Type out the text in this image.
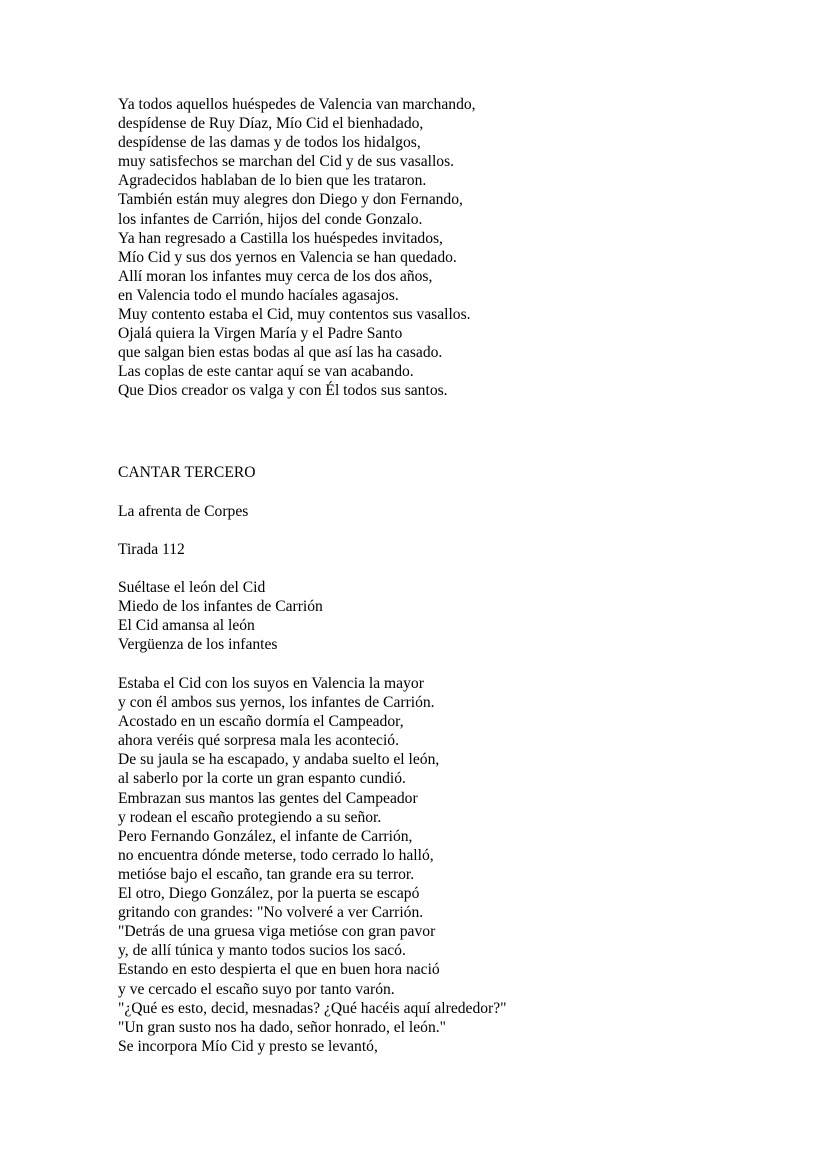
Ya todos aquellos huéspedes de Valencia van marchando,
despídense de Ruy Díaz, Mío Cid el bienhadado,
despídense de las damas y de todos los hidalgos,
muy satisfechos se marchan del Cid y de sus vasallos.
Agradecidos hablaban de lo bien que les trataron.
También están muy alegres don Diego y don Fernando,
los infantes de Carrión, hijos del conde Gonzalo.
Ya han regresado a Castilla los huéspedes invitados,
Mío Cid y sus dos yernos en Valencia se han quedado.
Allí moran los infantes muy cerca de los dos años,
en Valencia todo el mundo hacíales agasajos.
Muy contento estaba el Cid, muy contentos sus vasallos.
Ojalá quiera la Virgen María y el Padre Santo
que salgan bien estas bodas al que así las ha casado.
Las coplas de este cantar aquí se van acabando.
Que Dios creador os valga y con Él todos sus santos.
CANTAR TERCERO
La afrenta de Corpes
Tirada 112
Suéltase el león del Cid
Miedo de los infantes de Carrión
El Cid amansa al león
Vergüenza de los infantes
Estaba el Cid con los suyos en Valencia la mayor
y con él ambos sus yernos, los infantes de Carrión.
Acostado en un escaño dormía el Campeador,
ahora veréis qué sorpresa mala les aconteció.
De su jaula se ha escapado, y andaba suelto el león,
al saberlo por la corte un gran espanto cundió.
Embrazan sus mantos las gentes del Campeador
y rodean el escaño protegiendo a su señor.
Pero Fernando González, el infante de Carrión,
no encuentra dónde meterse, todo cerrado lo halló,
metióse bajo el escaño, tan grande era su terror.
El otro, Diego González, por la puerta se escapó
gritando con grandes: "No volveré a ver Carrión.
"Detrás de una gruesa viga metióse con gran pavor
y, de allí túnica y manto todos sucios los sacó.
Estando en esto despierta el que en buen hora nació
y ve cercado el escaño suyo por tanto varón.
"¿Qué es esto, decid, mesnadas? ¿Qué hacéis aquí alrededor?"
"Un gran susto nos ha dado, señor honrado, el león."
Se incorpora Mío Cid y presto se levantó,
